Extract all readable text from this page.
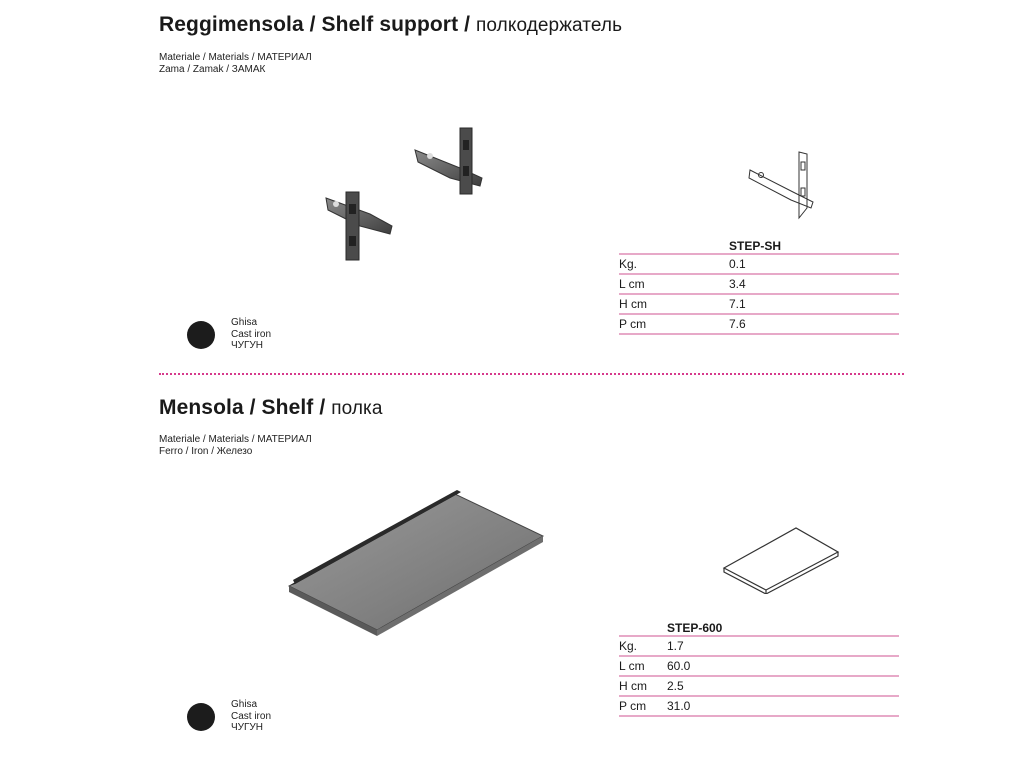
Reggimensola / Shelf support / полкодержатель
Materiale / Materials / МАТЕРИАЛ
Zama / Zamak / ЗАМАК
STEP-SH
Kg.	0.1
L cm	3.4
H cm	7.1
P cm	7.6
Ghisa
Cast iron
ЧУГУН
Mensola / Shelf / полка
Materiale / Materials / МАТЕРИАЛ
Ferro / Iron / Железо
STEP-600
Kg. 1.7
L cm 60.0
H cm 2.5
P cm 31.0
Ghisa
Cast iron
ЧУГУН
